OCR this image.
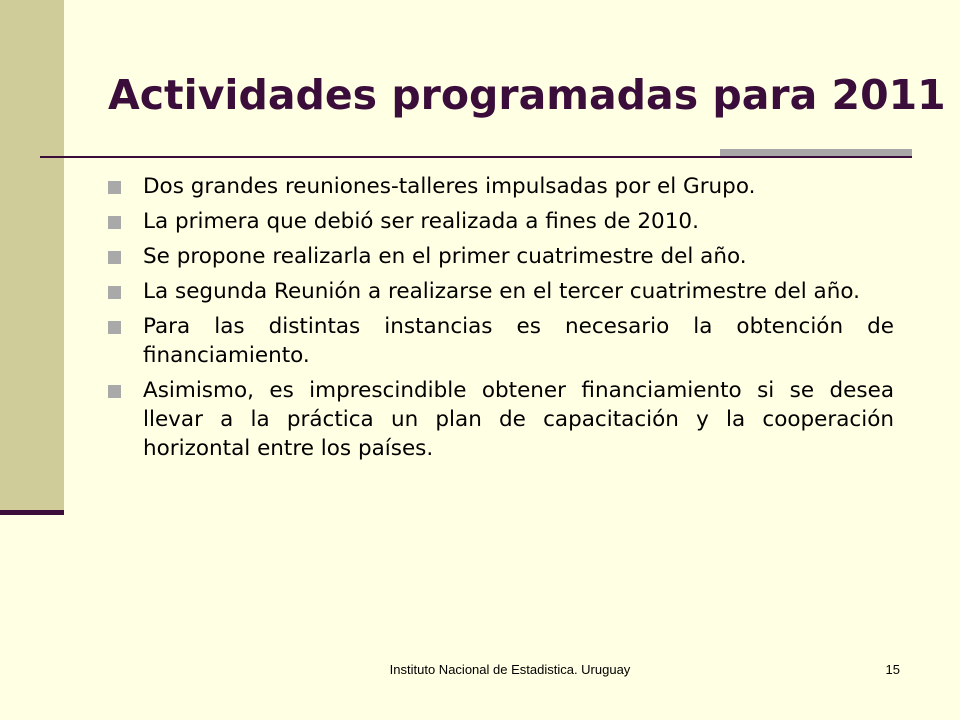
Actividades programadas para 2011
Dos grandes reuniones-talleres impulsadas por el Grupo.
La primera que debió ser realizada a fines de 2010.
Se propone realizarla en el primer cuatrimestre del año.
La segunda Reunión a realizarse en el tercer cuatrimestre del año.
Para las distintas instancias es necesario la obtención de financiamiento.
Asimismo, es imprescindible obtener financiamiento si se desea llevar a la práctica un plan de capacitación y la cooperación horizontal entre los países.
Instituto Nacional de Estadistica. Uruguay	15
